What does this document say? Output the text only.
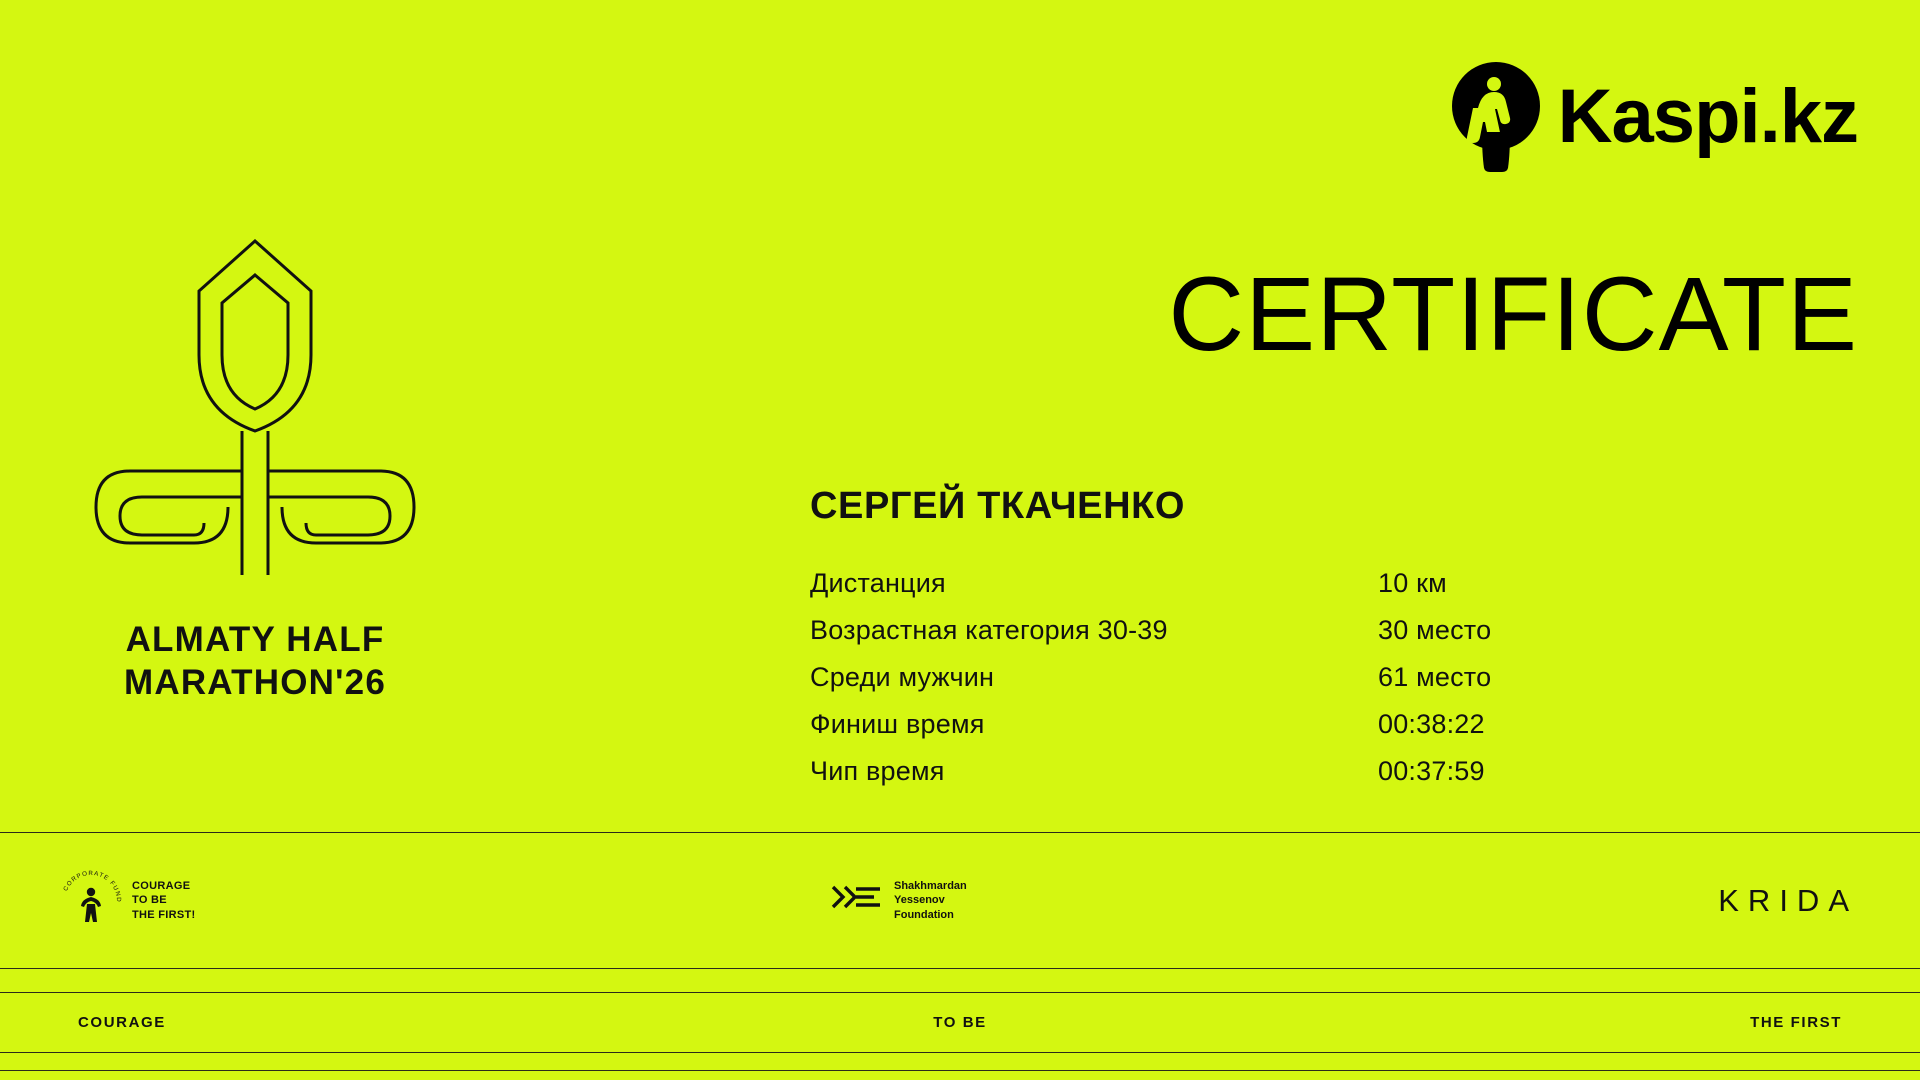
Kaspi.kz
CERTIFICATE
ALMATY HALF
MARATHON'26
СЕРГЕЙ ТКАЧЕНКО
Дистанция	10 км
Возрастная категория 30-39	30 место
Среди мужчин	61 место
Финиш время	00:38:22
Чип время	00:37:59
CORPORATE FUND
COURAGE
TO BE
THE FIRST!
Shakhmardan
Yessenov
Foundation	KRIDA
COURAGE	TO BE	THE FIRST
